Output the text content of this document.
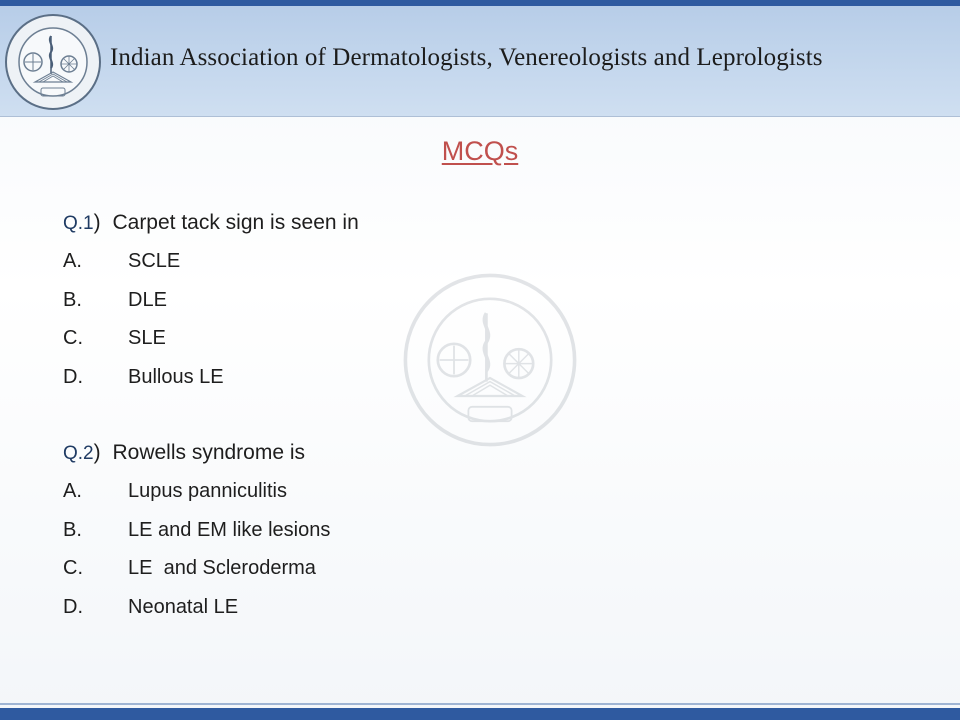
Indian Association of Dermatologists, Venereologists and Leprologists
MCQs
Q.1) Carpet tack sign is seen in
A. SCLE
B. DLE
C. SLE
D. Bullous LE
Q.2) Rowells syndrome is
A. Lupus panniculitis
B. LE and EM like lesions
C. LE  and Scleroderma
D. Neonatal LE
